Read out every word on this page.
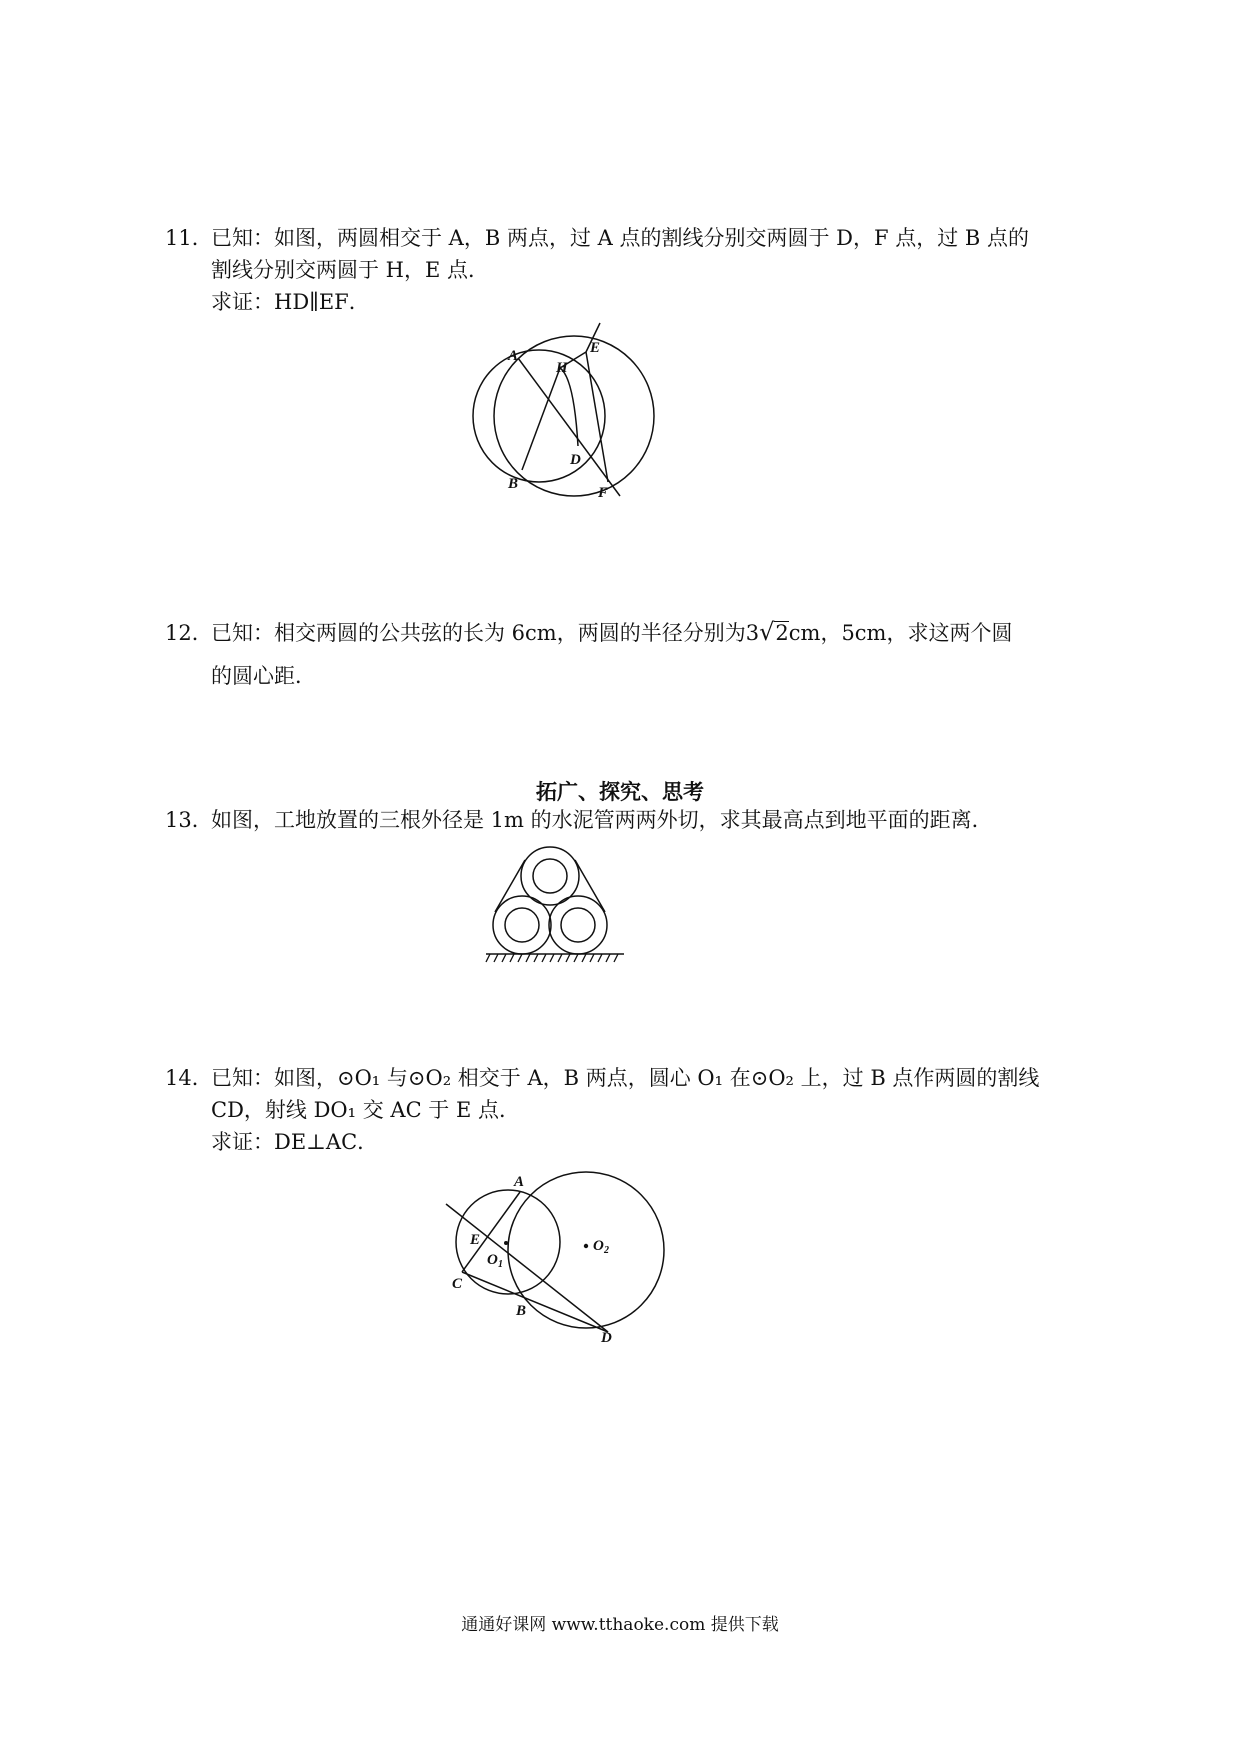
11．已知：如图，两圆相交于 A，B 两点，过 A 点的割线分别交两圆于 D，F 点，过 B 点的
割线分别交两圆于 H，E 点．
求证：HD∥EF．
A
H
E
D
B
F
12．已知：相交两圆的公共弦的长为 6cm，两圆的半径分别为3√2cm，5cm，求这两个圆
的圆心距．
拓广、探究、思考
13．如图，工地放置的三根外径是 1m 的水泥管两两外切，求其最高点到地平面的距离．
14．已知：如图，⊙O₁ 与⊙O₂ 相交于 A，B 两点，圆心 O₁ 在⊙O₂ 上，过 B 点作两圆的割线
CD，射线 DO₁ 交 AC 于 E 点．
求证：DE⊥AC．
A
E
O 1
C
O 2
B
D
通通好课网 www.tthaoke.com 提供下载
